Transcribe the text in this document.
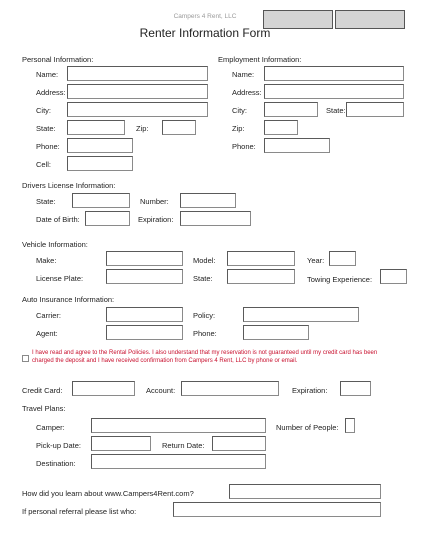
Campers 4 Rent, LLC
Renter Information Form
Personal Information:
Name:
Address:
City:
State:	Zip:
Phone:
Cell:
Employment Information:
Name:
Address:
City:	State:
Zip:
Phone:
Drivers License Information:
State:	Number:
Date of Birth:	Expiration:
Vehicle Information:
Make:	Model:	Year:
License Plate:	State:	Towing Experience:
Auto Insurance Information:
Carrier:	Policy:
Agent:	Phone:
I have read and agree to the Rental Policies. I also understand that my reservation is not guaranteed until my credit card has been charged the deposit and I have received confirmation from Campers 4 Rent, LLC by phone or email.
Credit Card:	Account:	Expiration:
Travel Plans:
Camper:	Number of People:
Pick-up Date:	Return Date:
Destination:
How did you learn about www.Campers4Rent.com?
If personal referral please list who:
